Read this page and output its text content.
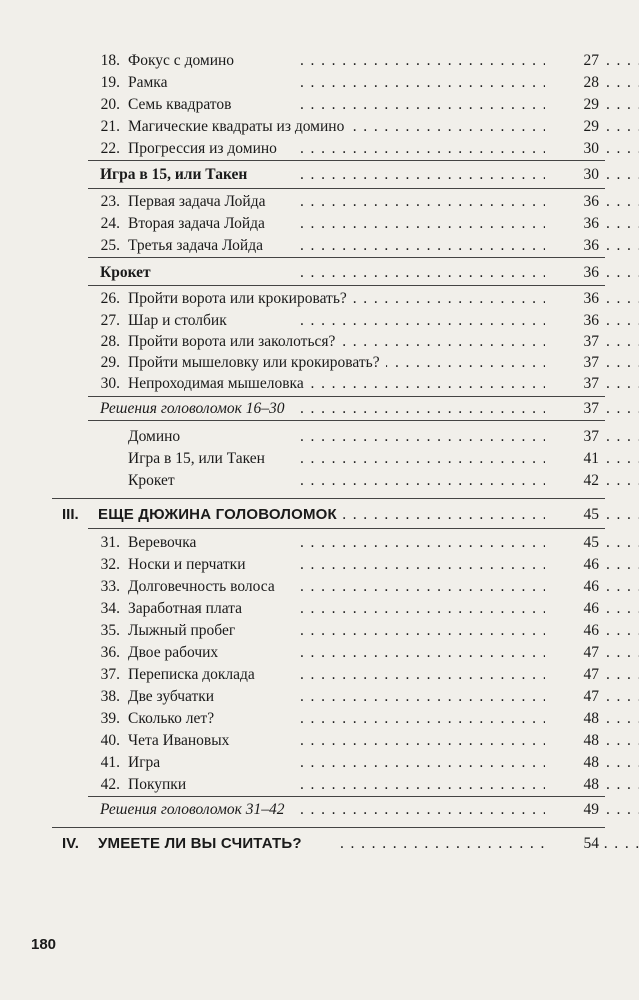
. . .
18. Фокус с домино	27
. . .
19. Рамка	28
. . .
20. Семь квадратов	29
. . .
21. Магические квадраты из домино	29
. . .
22. Прогрессия из домино	30
. . .
Игра в 15, или Такен	30
. . .
23. Первая задача Лойда	36
. . .
24. Вторая задача Лойда	36
. . .
25. Третья задача Лойда	36
. . .
Крокет	36
. . .
26. Пройти ворота или крокировать?	36
. . .
27. Шар и столбик	36
. . .
28. Пройти ворота или заколоться?	37
. . .
29. Пройти мышеловку или крокировать?	37
. . .
30. Непроходимая мышеловка	37
. . .
Решения головоломок 16–30	37
. . .
Домино	37
. . .
Игра в 15, или Такен	41
. . .
Крокет	42
. . .
III. ЕЩЕ ДЮЖИНА ГОЛОВОЛОМОК	45
. . .
31. Веревочка	45
. . .
32. Носки и перчатки	46
. . .
33. Долговечность волоса	46
. . .
34. Заработная плата	46
. . .
35. Лыжный пробег	46
. . .
36. Двое рабочих	47
. . .
37. Переписка доклада	47
. . .
38. Две зубчатки	47
. . .
39. Сколько лет?	48
. . .
40. Чета Ивановых	48
. . .
41. Игра	48
. . .
42. Покупки	48
. . .
Решения головоломок 31–42	49
IV. УМЕЕТЕ ЛИ ВЫ СЧИТАТЬ? . . .	54
180
